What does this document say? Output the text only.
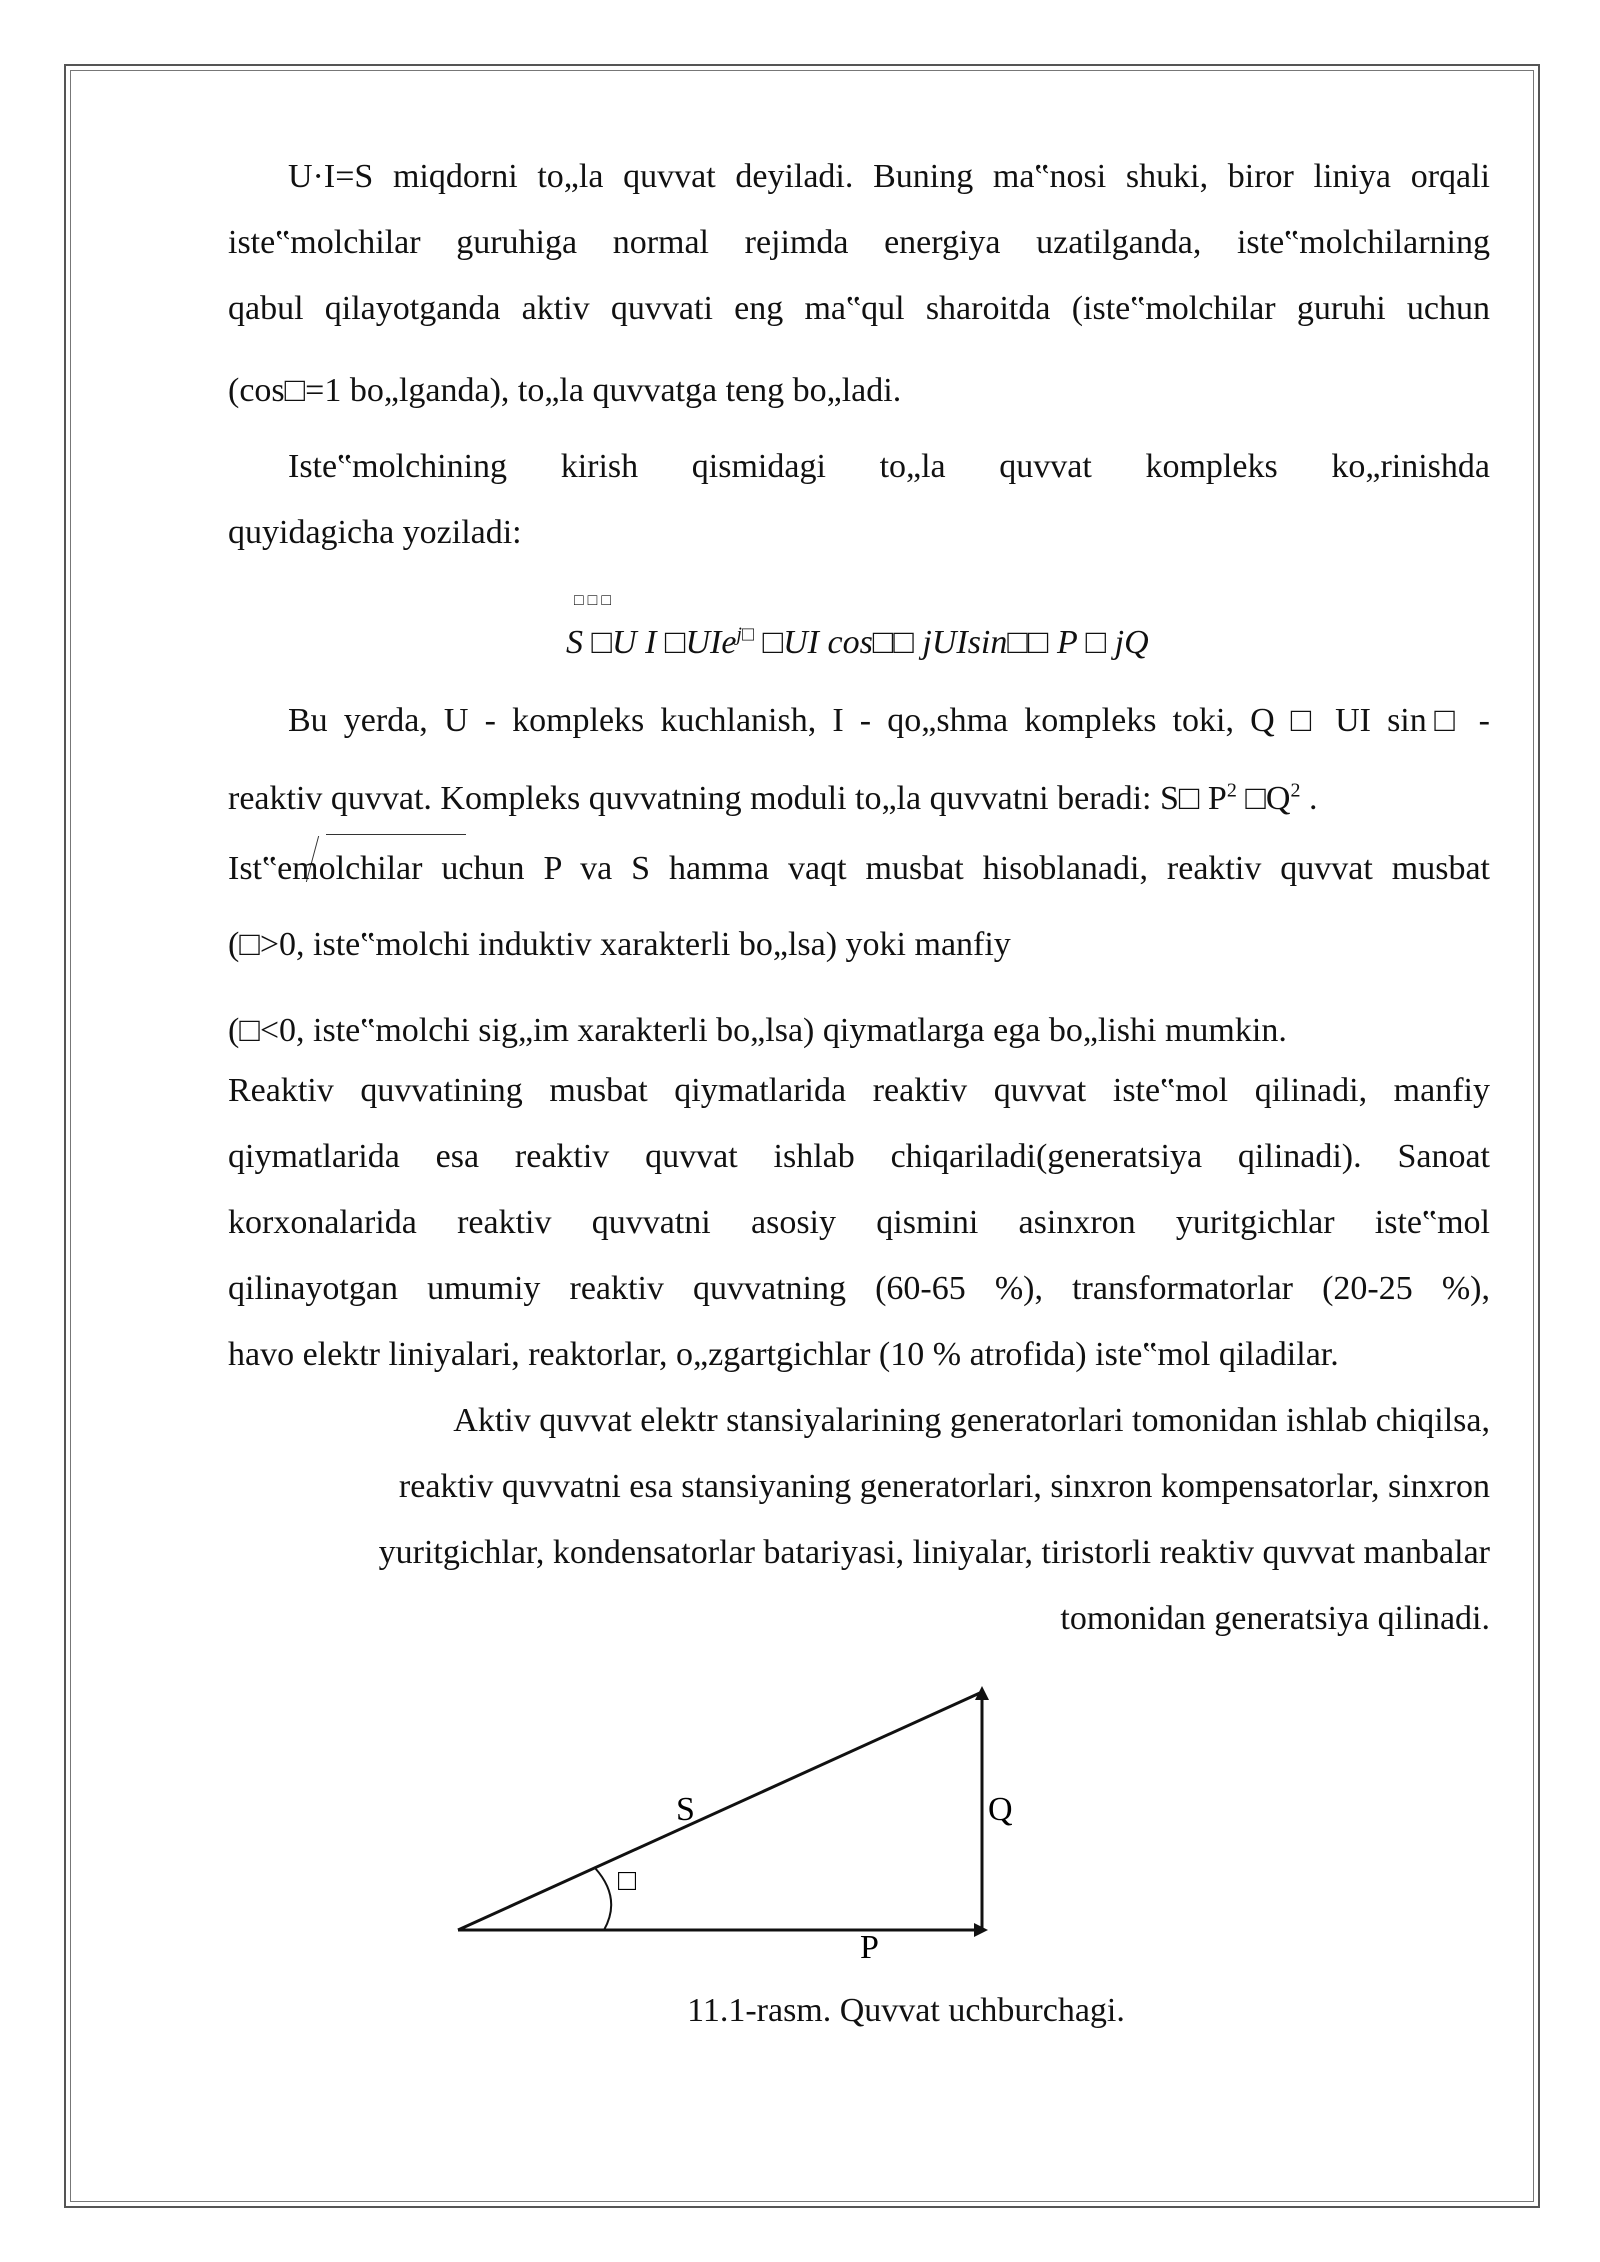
U·I=S miqdorni to„la quvvat deyiladi. Buning ma‟nosi shuki, biror liniya orqali
iste‟molchilar guruhiga normal rejimda energiya uzatilganda, iste‟molchilarning
qabul qilayotganda aktiv quvvati eng ma‟qul sharoitda (iste‟molchilar guruhi uchun
(cos□=1 bo„lganda), to„la quvvatga teng bo„ladi.
Iste‟molchining kirish qismidagi to„la quvvat kompleks ko„rinishda
quyidagicha yoziladi:
□ □ □
S □U I □UIe$^{j□}$ □UI cos□□ jUIsin□□ P □ jQ
Bu yerda, U - kompleks kuchlanish, I - qo„shma kompleks toki, Q □ UI sin□ -
reaktiv quvvat. Kompleks quvvatning moduli to„la quvvatni beradi: S□ $P^2$ $□Q^2$ .
Ist‟emolchilar uchun P va S hamma vaqt musbat hisoblanadi, reaktiv quvvat musbat
(□>0, iste‟molchi induktiv xarakterli bo„lsa) yoki manfiy
(□<0, iste‟molchi sig„im xarakterli bo„lsa) qiymatlarga ega bo„lishi mumkin.
Reaktiv quvvatining musbat qiymatlarida reaktiv quvvat iste‟mol qilinadi, manfiy
qiymatlarida esa reaktiv quvvat ishlab chiqariladi(generatsiya qilinadi). Sanoat
korxonalarida reaktiv quvvatni asosiy qismini asinxron yuritgichlar iste‟mol
qilinayotgan umumiy reaktiv quvvatning (60-65 %), transformatorlar (20-25 %),
havo elektr liniyalari, reaktorlar, o„zgartgichlar (10 % atrofida) iste‟mol qiladilar.
Aktiv quvvat elektr stansiyalarining generatorlari tomonidan ishlab chiqilsa,
reaktiv quvvatni esa stansiyaning generatorlari, sinxron kompensatorlar, sinxron
yuritgichlar, kondensatorlar batariyasi, liniyalar, tiristorli reaktiv quvvat manbalar
tomonidan generatsiya qilinadi.
S	Q
P
□
11.1-rasm. Quvvat uchburchagi.
